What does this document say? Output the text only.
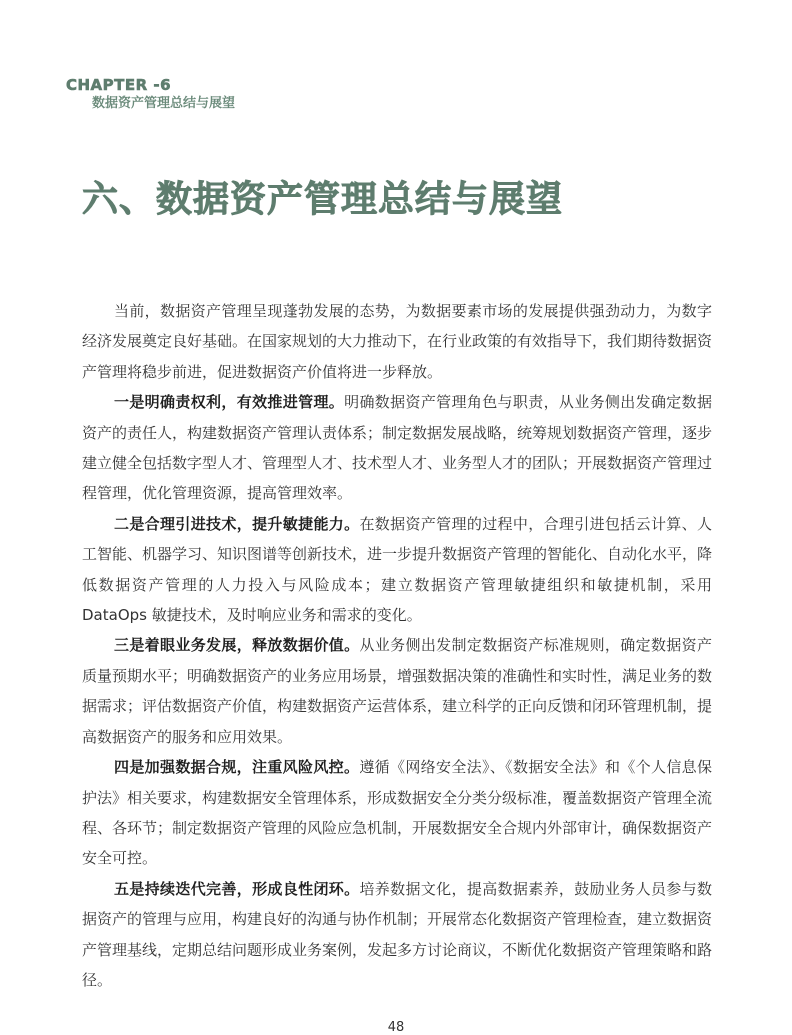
CHAPTER -6
数据资产管理总结与展望
六、数据资产管理总结与展望

当前，数据资产管理呈现蓬勃发展的态势，为数据要素市场的发展提供强劲动力，为数字经济发展奠定良好基础。在国家规划的大力推动下，在行业政策的有效指导下，我们期待数据资产管理将稳步前进，促进数据资产价值将进一步释放。

一是明确责权利，有效推进管理。明确数据资产管理角色与职责，从业务侧出发确定数据资产的责任人，构建数据资产管理认责体系；制定数据发展战略，统筹规划数据资产管理，逐步建立健全包括数字型人才、管理型人才、技术型人才、业务型人才的团队；开展数据资产管理过程管理，优化管理资源，提高管理效率。

二是合理引进技术，提升敏捷能力。在数据资产管理的过程中，合理引进包括云计算、人工智能、机器学习、知识图谱等创新技术，进一步提升数据资产管理的智能化、自动化水平，降低数据资产管理的人力投入与风险成本；建立数据资产管理敏捷组织和敏捷机制，采用 DataOps 敏捷技术，及时响应业务和需求的变化。

三是着眼业务发展，释放数据价值。从业务侧出发制定数据资产标准规则，确定数据资产质量预期水平；明确数据资产的业务应用场景，增强数据决策的准确性和实时性，满足业务的数据需求；评估数据资产价值，构建数据资产运营体系，建立科学的正向反馈和闭环管理机制，提高数据资产的服务和应用效果。

四是加强数据合规，注重风险风控。遵循《网络安全法》、《数据安全法》和《个人信息保护法》相关要求，构建数据安全管理体系，形成数据安全分类分级标准，覆盖数据资产管理全流程、各环节；制定数据资产管理的风险应急机制，开展数据安全合规内外部审计，确保数据资产安全可控。

五是持续迭代完善，形成良性闭环。培养数据文化，提高数据素养，鼓励业务人员参与数据资产的管理与应用，构建良好的沟通与协作机制；开展常态化数据资产管理检查，建立数据资产管理基线，定期总结问题形成业务案例，发起多方讨论商议，不断优化数据资产管理策略和路径。

48
